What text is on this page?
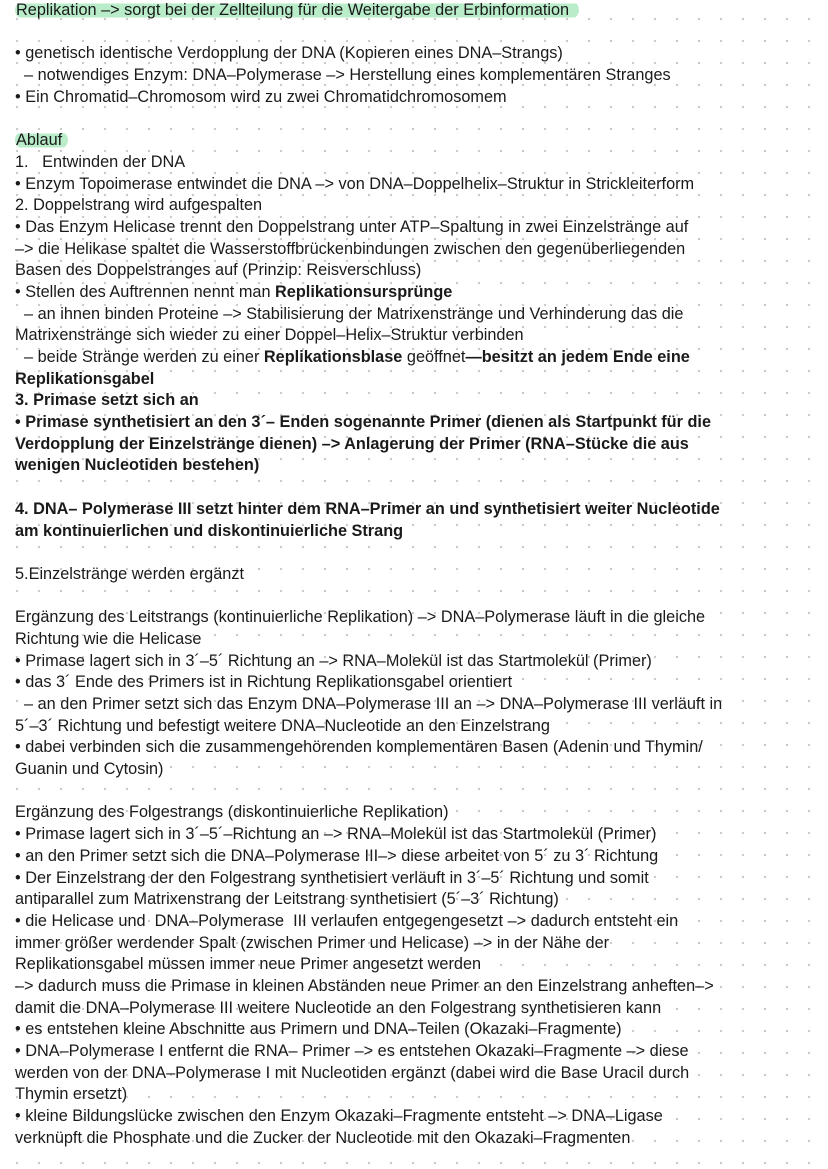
Replikation –> sorgt bei der Zellteilung für die Weitergabe der Erbinformation
• genetisch identische Verdopplung der DNA (Kopieren eines DNA–Strangs)
– notwendiges Enzym: DNA–Polymerase –> Herstellung eines komplementären Stranges
• Ein Chromatid–Chromosom wird zu zwei Chromatidchromosomem
Ablauf
1.   Entwinden der DNA
• Enzym Topoimerase entwindet die DNA –> von DNA–Doppelhelix–Struktur in Strickleiterform
2. Doppelstrang wird aufgespalten
• Das Enzym Helicase trennt den Doppelstrang unter ATP–Spaltung in zwei Einzelstränge auf
–> die Helikase spaltet die Wasserstoffbrückenbindungen zwischen den gegenüberliegenden
Basen des Doppelstranges auf (Prinzip: Reisverschluss)
• Stellen des Auftrennen nennt man Replikationsursprünge
– an ihnen binden Proteine –> Stabilisierung der Matrixenstränge und Verhinderung das die
Matrixenstränge sich wieder zu einer Doppel–Helix–Struktur verbinden
– beide Stränge werden zu einer Replikationsblase geöffnet—besitzt an jedem Ende eine
Replikationsgabel
3. Primase setzt sich an
• Primase synthetisiert an den 3´– Enden sogenannte Primer (dienen als Startpunkt für die
Verdopplung der Einzelstränge dienen) –> Anlagerung der Primer (RNA–Stücke die aus
wenigen Nucleotiden bestehen)
4. DNA– Polymerase III setzt hinter dem RNA–Primer an und synthetisiert weiter Nucleotide
am kontinuierlichen und diskontinuierliche Strang
5.Einzelstränge werden ergänzt
Ergänzung des Leitstrangs (kontinuierliche Replikation) –> DNA–Polymerase läuft in die gleiche
Richtung wie die Helicase
• Primase lagert sich in 3´–5´ Richtung an –> RNA–Molekül ist das Startmolekül (Primer)
• das 3´ Ende des Primers ist in Richtung Replikationsgabel orientiert
– an den Primer setzt sich das Enzym DNA–Polymerase III an –> DNA–Polymerase III verläuft in
5´–3´ Richtung und befestigt weitere DNA–Nucleotide an den Einzelstrang
• dabei verbinden sich die zusammengehörenden komplementären Basen (Adenin und Thymin/
Guanin und Cytosin)
Ergänzung des Folgestrangs (diskontinuierliche Replikation)
• Primase lagert sich in 3´–5´–Richtung an –> RNA–Molekül ist das Startmolekül (Primer)
• an den Primer setzt sich die DNA–Polymerase III–> diese arbeitet von 5´ zu 3´ Richtung
• Der Einzelstrang der den Folgestrang synthetisiert verläuft in 3´–5´ Richtung und somit
antiparallel zum Matrixenstrang der Leitstrang synthetisiert (5´–3´ Richtung)
• die Helicase und  DNA–Polymerase  III verlaufen entgegengesetzt –> dadurch entsteht ein
immer größer werdender Spalt (zwischen Primer und Helicase) –> in der Nähe der
Replikationsgabel müssen immer neue Primer angesetzt werden
–> dadurch muss die Primase in kleinen Abständen neue Primer an den Einzelstrang anheften–>
damit die DNA–Polymerase III weitere Nucleotide an den Folgestrang synthetisieren kann
• es entstehen kleine Abschnitte aus Primern und DNA–Teilen (Okazaki–Fragmente)
• DNA–Polymerase I entfernt die RNA– Primer –> es entstehen Okazaki–Fragmente –> diese
werden von der DNA–Polymerase I mit Nucleotiden ergänzt (dabei wird die Base Uracil durch
Thymin ersetzt)
• kleine Bildungslücke zwischen den Enzym Okazaki–Fragmente entsteht –> DNA–Ligase
verknüpft die Phosphate und die Zucker der Nucleotide mit den Okazaki–Fragmenten
